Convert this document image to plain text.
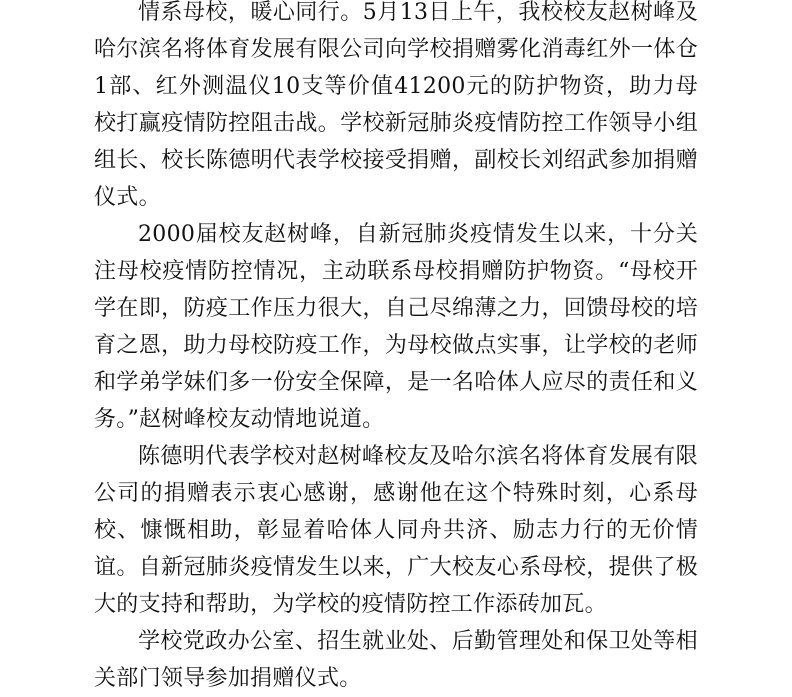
情系母校，暖心同行。5月13日上午，我校校友赵树峰及哈尔滨名将体育发展有限公司向学校捐赠雾化消毒红外一体仓1部、红外测温仪10支等价值41200元的防护物资，助力母校打赢疫情防控阻击战。学校新冠肺炎疫情防控工作领导小组组长、校长陈德明代表学校接受捐赠，副校长刘绍武参加捐赠仪式。

2000届校友赵树峰，自新冠肺炎疫情发生以来，十分关注母校疫情防控情况，主动联系母校捐赠防护物资。“母校开学在即，防疫工作压力很大，自己尽绵薄之力，回馈母校的培育之恩，助力母校防疫工作，为母校做点实事，让学校的老师和学弟学妹们多一份安全保障，是一名哈体人应尽的责任和义务。”赵树峰校友动情地说道。

陈德明代表学校对赵树峰校友及哈尔滨名将体育发展有限公司的捐赠表示衷心感谢，感谢他在这个特殊时刻，心系母校、慷慨相助，彰显着哈体人同舟共济、励志力行的无价情谊。自新冠肺炎疫情发生以来，广大校友心系母校，提供了极大的支持和帮助，为学校的疫情防控工作添砖加瓦。

学校党政办公室、招生就业处、后勤管理处和保卫处等相关部门领导参加捐赠仪式。
